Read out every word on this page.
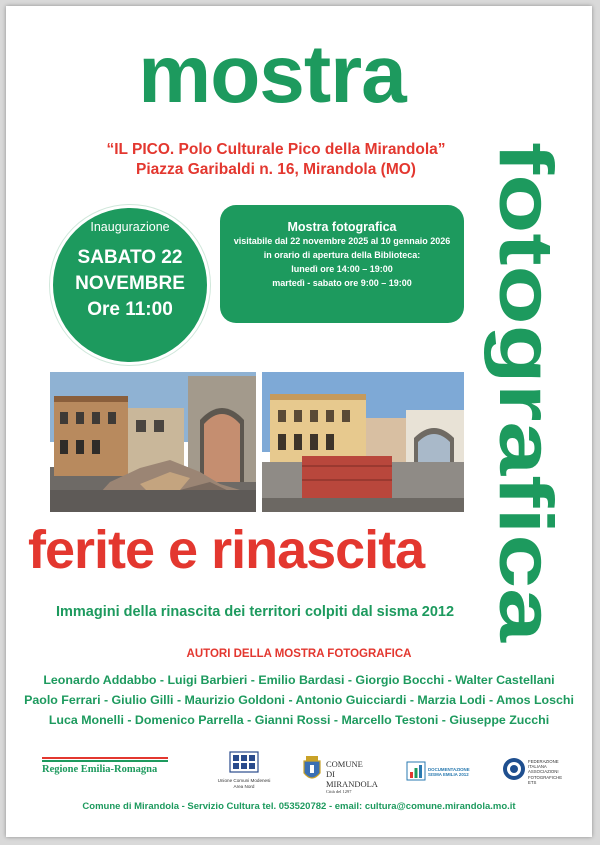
mostra
“IL PICO. Polo Culturale Pico della Mirandola”
Piazza Garibaldi n. 16, Mirandola (MO) fotografica
Inaugurazione
SABATO 22
NOVEMBRE
Ore 11:00
Mostra fotografica
visitabile dal 22 novembre 2025 al 10 gennaio 2026
in orario di apertura della Biblioteca:
lunedì ore 14:00 – 19:00
martedì - sabato ore 9:00 – 19:00
ferite e rinascita
Immagini della rinascita dei territori colpiti dal sisma 2012
AUTORI DELLA MOSTRA FOTOGRAFICA
Leonardo Addabbo - Luigi Barbieri - Emilio Bardasi - Giorgio Bocchi - Walter Castellani
Paolo Ferrari - Giulio Gilli - Maurizio Goldoni - Antonio Guicciardi - Marzia Lodi - Amos Loschi
Luca Monelli - Domenico Parrella - Gianni Rossi - Marcello Testoni - Giuseppe Zucchi
Regione Emilia-Romagna
Unione Comuni Modenesi
Area Nord
COMUNE
DI
MIRANDOLA
Città del 1297
DOCUMENTAZIONE
SISMA EMILIA 2012
FEDERAZIONE
ITALIANA
ASSOCIAZIONI
FOTOGRAFICHE
ETS
Comune di Mirandola - Servizio Cultura tel. 053520782 - email: cultura@comune.mirandola.mo.it
